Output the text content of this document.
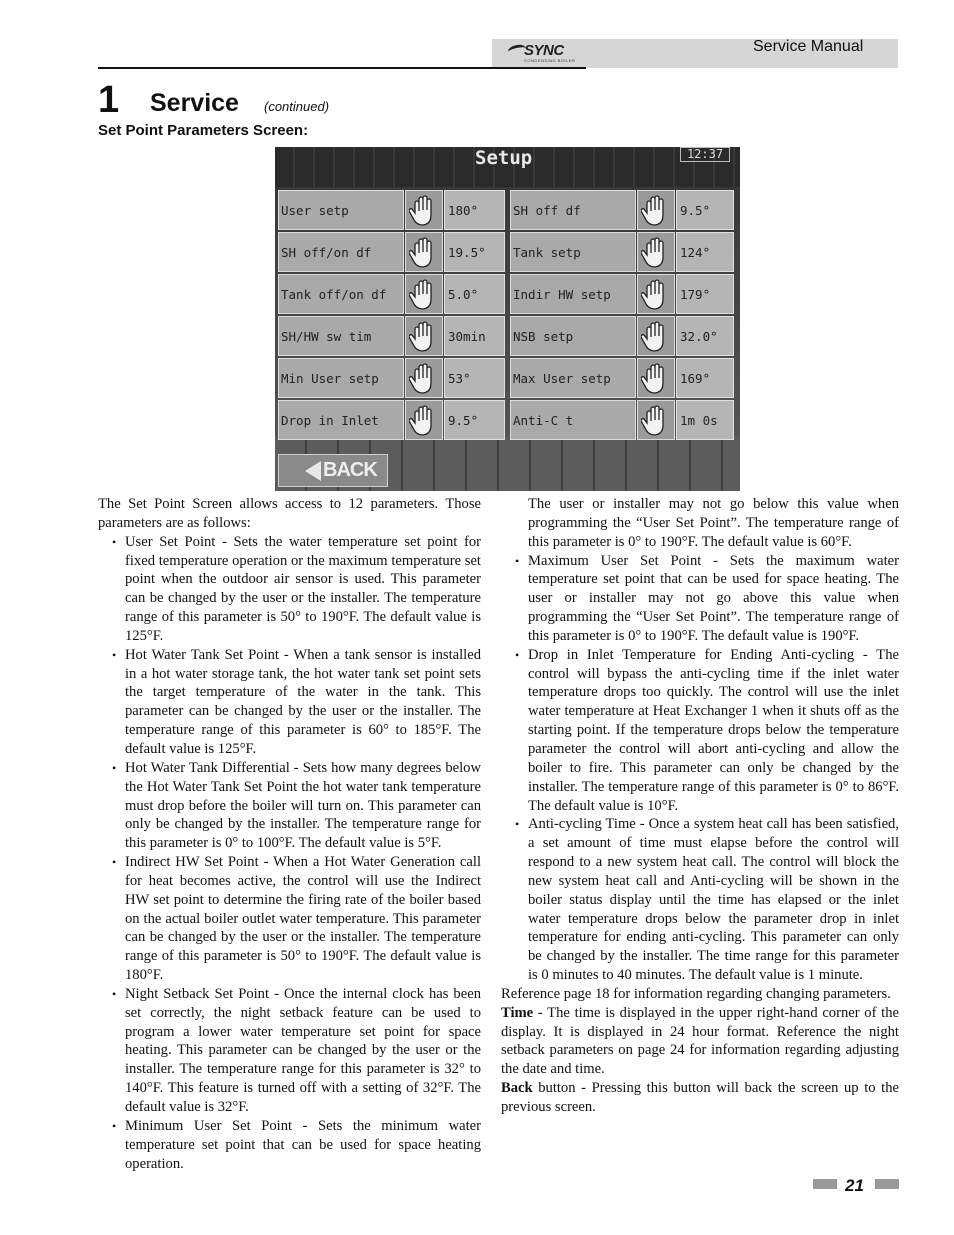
SYNC
CONDENSING BOILER
Service Manual
1 Service (continued)
Set Point Parameters Screen:
Setup	12:37
User setp	180°
SH off/on df	19.5°
Tank off/on df	5.0°
SH/HW sw tim	30min
Min User setp	53°
Drop in Inlet	9.5°
SH off df	9.5°
Tank setp	124°
Indir HW setp	179°
NSB setp	32.0°
Max User setp	169°
Anti-C t	1m 0s
BACK

The Set Point Screen allows access to 12 parameters. Those parameters are as follows:

• User Set Point - Sets the water temperature set point for fixed temperature operation or the maximum temperature set point when the outdoor air sensor is used. This parameter can be changed by the user or the installer. The temperature range of this parameter is 50° to 190°F. The default value is 125°F.
• Hot Water Tank Set Point - When a tank sensor is installed in a hot water storage tank, the hot water tank set point sets the target temperature of the water in the tank. This parameter can be changed by the user or the installer. The temperature range of this parameter is 60° to 185°F. The default value is 125°F.
• Hot Water Tank Differential - Sets how many degrees below the Hot Water Tank Set Point the hot water tank temperature must drop before the boiler will turn on. This parameter can only be changed by the installer. The temperature range for this parameter is 0° to 100°F. The default value is 5°F.
• Indirect HW Set Point - When a Hot Water Generation call for heat becomes active, the control will use the Indirect HW set point to determine the firing rate of the boiler based on the actual boiler outlet water temperature. This parameter can be changed by the user or the installer. The temperature range of this parameter is 50° to 190°F. The default value is 180°F.
• Night Setback Set Point - Once the internal clock has been set correctly, the night setback feature can be used to program a lower water temperature set point for space heating. This parameter can be changed by the user or the installer. The temperature range for this parameter is 32° to 140°F. This feature is turned off with a setting of 32°F. The default value is 32°F.
• Minimum User Set Point - Sets the minimum water temperature set point that can be used for space heating operation.

The user or installer may not go below this value when programming the “User Set Point”. The temperature range of this parameter is 0° to 190°F. The default value is 60°F.

• Maximum User Set Point - Sets the maximum water temperature set point that can be used for space heating. The user or installer may not go above this value when programming the “User Set Point”. The temperature range of this parameter is 0° to 190°F. The default value is 190°F.
• Drop in Inlet Temperature for Ending Anti-cycling - The control will bypass the anti-cycling time if the inlet water temperature drops too quickly. The control will use the inlet water temperature at Heat Exchanger 1 when it shuts off as the starting point. If the temperature drops below the temperature parameter the control will abort anti-cycling and allow the boiler to fire. This parameter can only be changed by the installer. The temperature range of this parameter is 0° to 86°F. The default value is 10°F.
• Anti-cycling Time - Once a system heat call has been satisfied, a set amount of time must elapse before the control will respond to a new system heat call. The control will block the new system heat call and Anti-cycling will be shown in the boiler status display until the time has elapsed or the inlet water temperature drops below the parameter drop in inlet temperature for ending anti-cycling. This parameter can only be changed by the installer. The time range for this parameter is 0 minutes to 40 minutes. The default value is 1 minute.

Reference page 18 for information regarding changing parameters.

Time - The time is displayed in the upper right-hand corner of the display. It is displayed in 24 hour format. Reference the night setback parameters on page 24 for information regarding adjusting the date and time.

Back button - Pressing this button will back the screen up to the previous screen.

21
